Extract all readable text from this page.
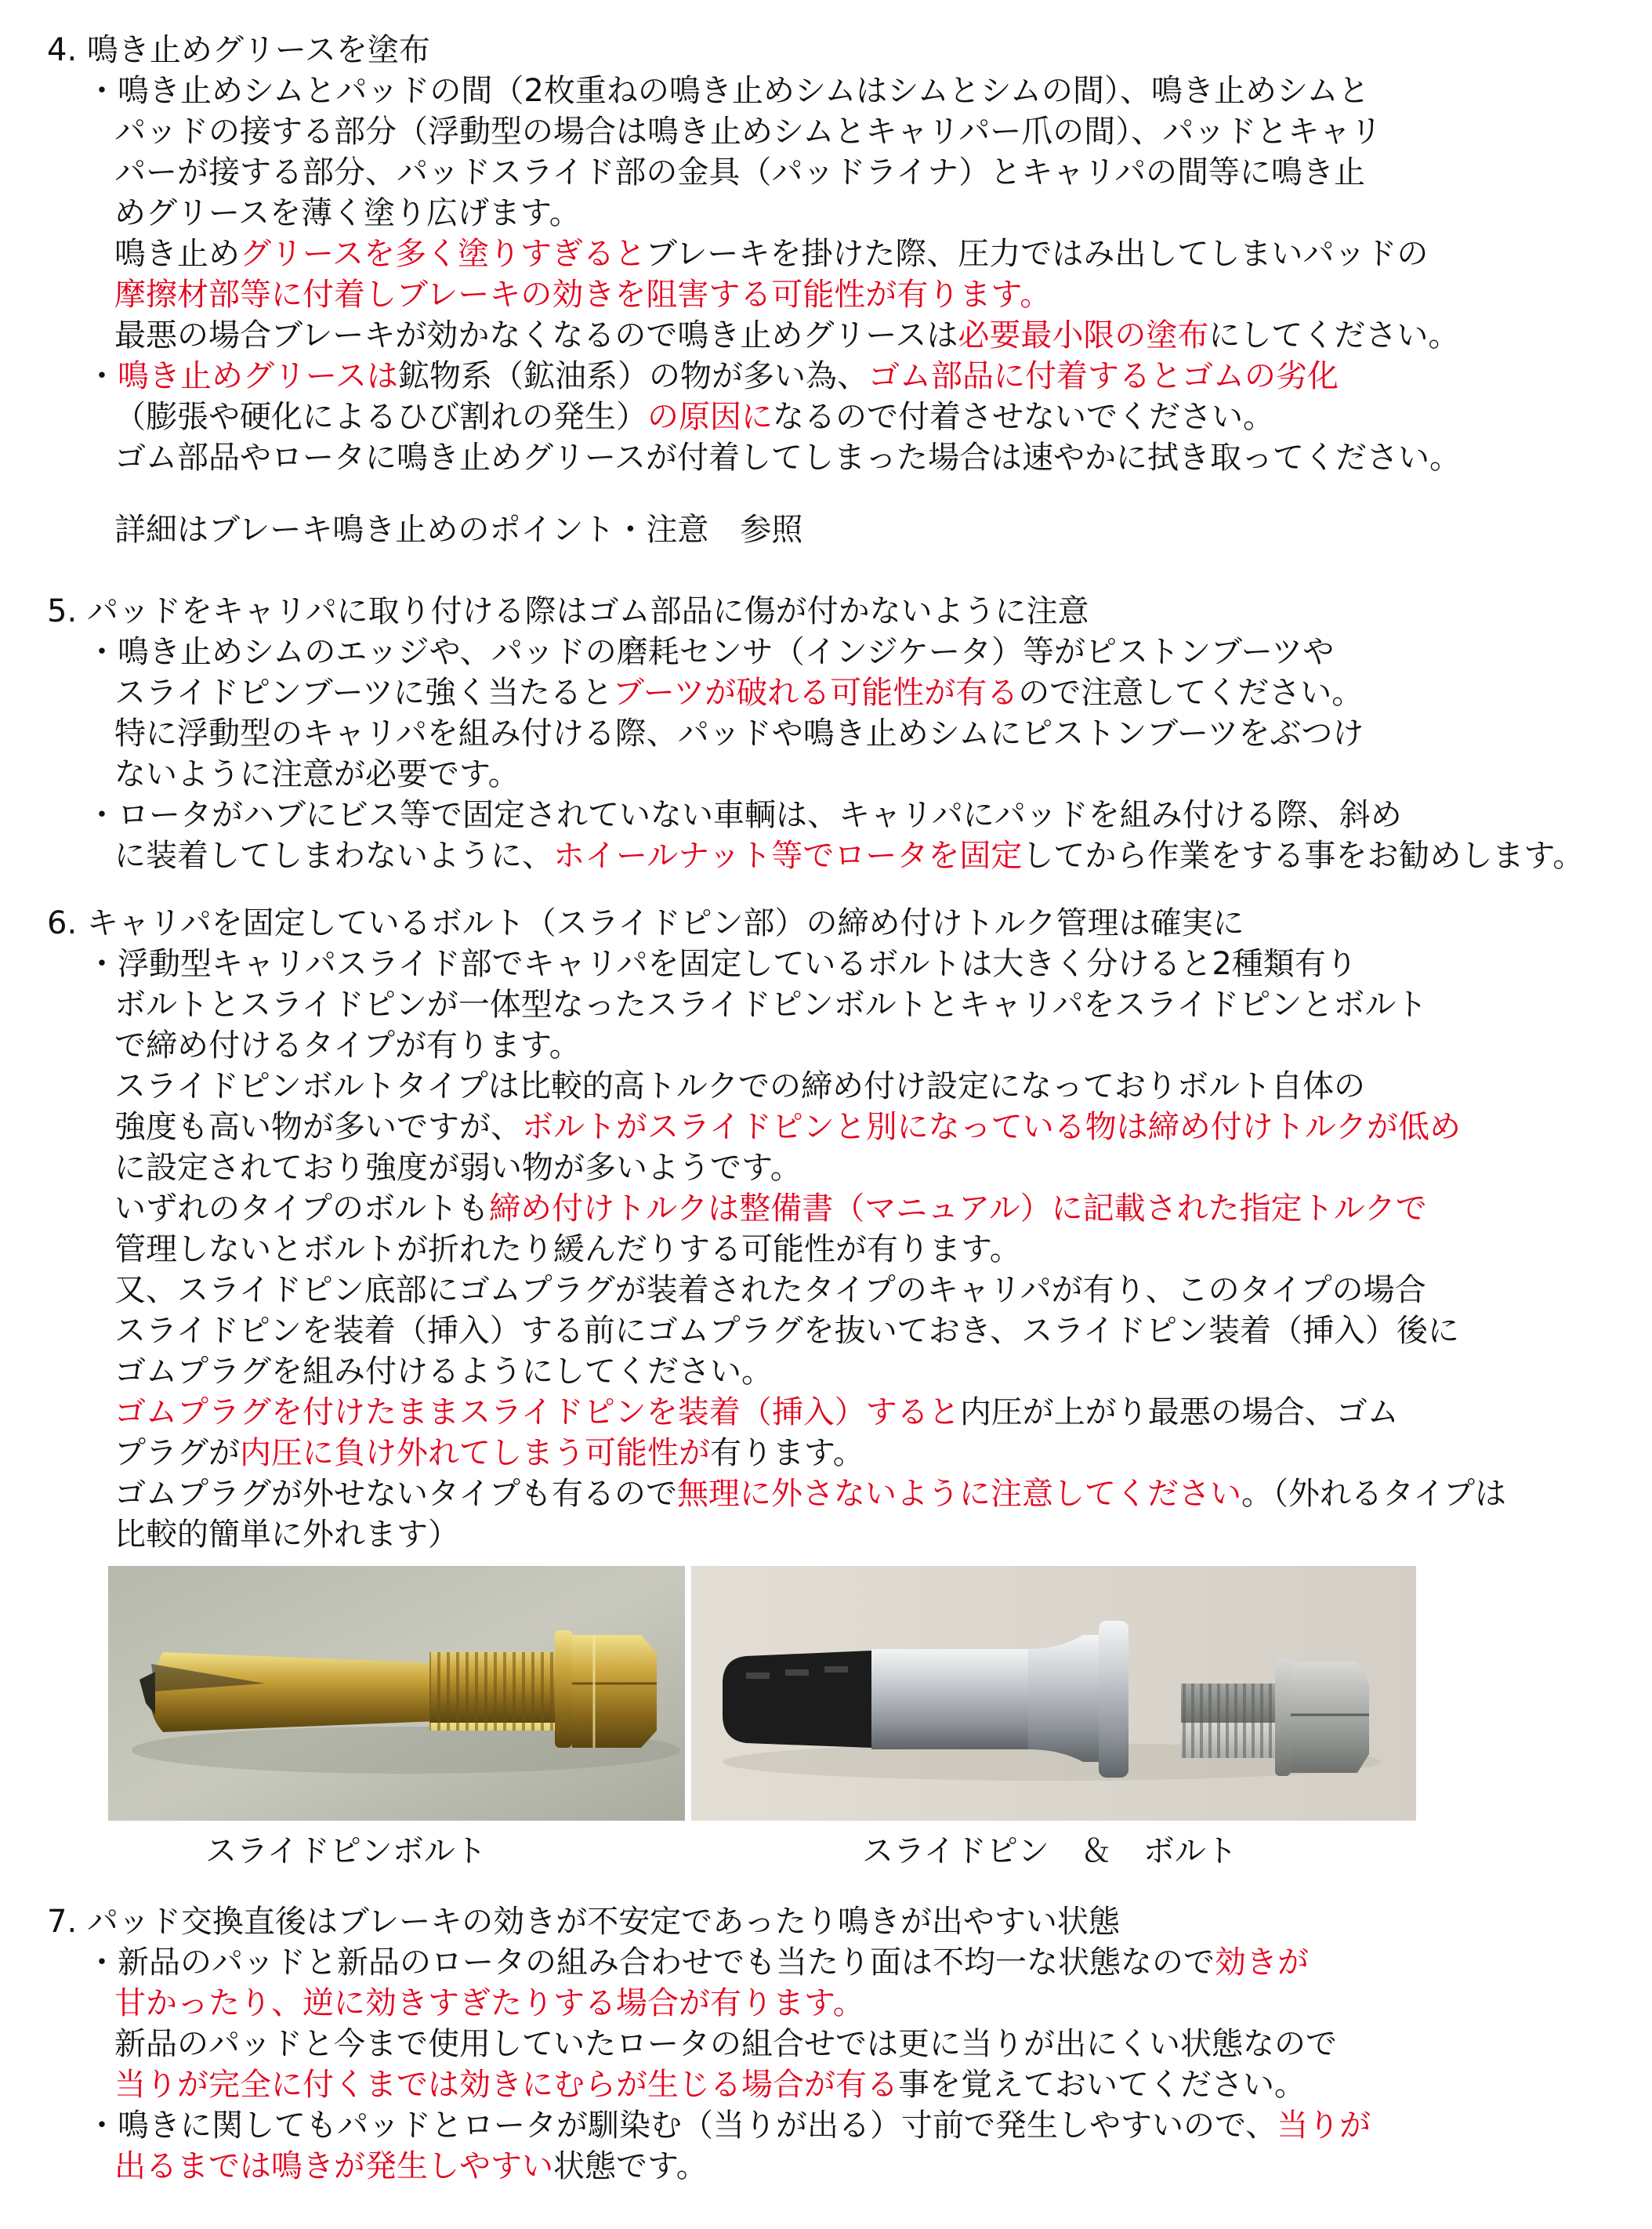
4. 鳴き止めグリースを塗布
・鳴き止めシムとパッドの間（2枚重ねの鳴き止めシムはシムとシムの間）、鳴き止めシムと
パッドの接する部分（浮動型の場合は鳴き止めシムとキャリパー爪の間）、パッドとキャリ
パーが接する部分、パッドスライド部の金具（パッドライナ）とキャリパの間等に鳴き止
めグリースを薄く塗り広げます。
鳴き止めグリースを多く塗りすぎるとブレーキを掛けた際、圧力ではみ出してしまいパッドの
摩擦材部等に付着しブレーキの効きを阻害する可能性が有ります。
最悪の場合ブレーキが効かなくなるので鳴き止めグリースは必要最小限の塗布にしてください。
・鳴き止めグリースは鉱物系（鉱油系）の物が多い為、ゴム部品に付着するとゴムの劣化
（膨張や硬化によるひび割れの発生）の原因になるので付着させないでください。
ゴム部品やロータに鳴き止めグリースが付着してしまった場合は速やかに拭き取ってください。
詳細はブレーキ鳴き止めのポイント・注意　参照
5. パッドをキャリパに取り付ける際はゴム部品に傷が付かないように注意
・鳴き止めシムのエッジや、パッドの磨耗センサ（インジケータ）等がピストンブーツや
スライドピンブーツに強く当たるとブーツが破れる可能性が有るので注意してください。
特に浮動型のキャリパを組み付ける際、パッドや鳴き止めシムにピストンブーツをぶつけ
ないように注意が必要です。
・ロータがハブにビス等で固定されていない車輌は、キャリパにパッドを組み付ける際、斜め
に装着してしまわないように、ホイールナット等でロータを固定してから作業をする事をお勧めします。
6. キャリパを固定しているボルト（スライドピン部）の締め付けトルク管理は確実に
・浮動型キャリパスライド部でキャリパを固定しているボルトは大きく分けると2種類有り
ボルトとスライドピンが一体型なったスライドピンボルトとキャリパをスライドピンとボルト
で締め付けるタイプが有ります。
スライドピンボルトタイプは比較的高トルクでの締め付け設定になっておりボルト自体の
強度も高い物が多いですが、ボルトがスライドピンと別になっている物は締め付けトルクが低め
に設定されており強度が弱い物が多いようです。
いずれのタイプのボルトも締め付けトルクは整備書（マニュアル）に記載された指定トルクで
管理しないとボルトが折れたり緩んだりする可能性が有ります。
又、スライドピン底部にゴムプラグが装着されたタイプのキャリパが有り、このタイプの場合
スライドピンを装着（挿入）する前にゴムプラグを抜いておき、スライドピン装着（挿入）後に
ゴムプラグを組み付けるようにしてください。
ゴムプラグを付けたままスライドピンを装着（挿入）すると内圧が上がり最悪の場合、ゴム
プラグが内圧に負け外れてしまう可能性が有ります。
ゴムプラグが外せないタイプも有るので無理に外さないように注意してください。（外れるタイプは
比較的簡単に外れます）
スライドピンボルト	スライドピン　＆　ボルト
7. パッド交換直後はブレーキの効きが不安定であったり鳴きが出やすい状態
・新品のパッドと新品のロータの組み合わせでも当たり面は不均一な状態なので効きが
甘かったり、逆に効きすぎたりする場合が有ります。
新品のパッドと今まで使用していたロータの組合せでは更に当りが出にくい状態なので
当りが完全に付くまでは効きにむらが生じる場合が有る事を覚えておいてください。
・鳴きに関してもパッドとロータが馴染む（当りが出る）寸前で発生しやすいので、当りが
出るまでは鳴きが発生しやすい状態です。
